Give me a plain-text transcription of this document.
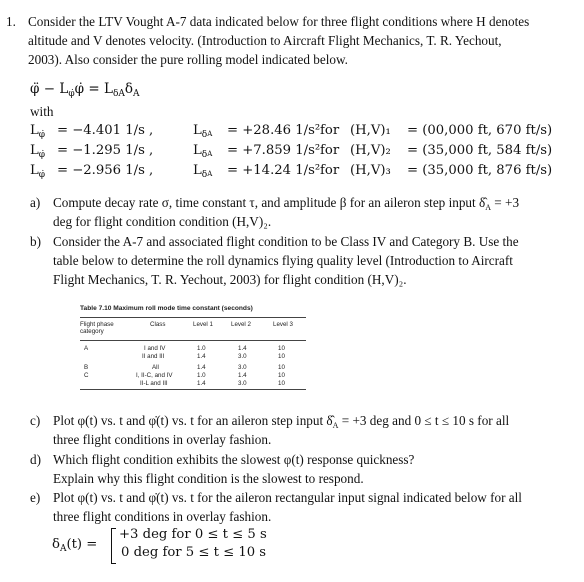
1. Consider the LTV Vought A-7 data indicated below for three flight conditions where H denotes
altitude and V denotes velocity. (Introduction to Aircraft Flight Mechanics, T. R. Yechout,
2003). Also consider the pure rolling model indicated below.
φ̈ − $L_{\varphi̇}\varphi̇ = L_{\delta A}\delta_A$
with
$L_{\varphi̇} = -4.401$ 1/s ,	$L_\delta A = +28.46$ 1/s² for (H,V)₁ = (00,000 ft, 670 ft/s)
$L_{\varphi̇} = -1.295$ 1/s ,	$L_\delta A = +7.859$ 1/s² for (H,V)₂ = (35,000 ft, 584 ft/s)
$L_{\varphi̇} = -2.956$ 1/s ,	$L_\delta A = +14.24$ 1/s² for (H,V)₃ = (35,000 ft, 876 ft/s)
a) Compute decay rate σ, time constant τ, and amplitude β for an aileron step input $\deltâ_A = +3$
deg for flight condition condition (H,V)₂.
b) Consider the A-7 and associated flight condition to be Class IV and Category B. Use the
table below to determine the roll dynamics flying quality level (Introduction to Aircraft
Flight Mechanics, T. R. Yechout, 2003) for flight condition (H,V)₂.
Table 7.10 Maximum roll mode time constant (seconds)
Flight phase
category
Class	Level 1	Level 2	Level 3
A	I and IV	1.0	1.4	10
II and III	1.4	3.0	10
B	All	1.4	3.0	10
C	I, II-C, and IV	1.0	1.4	10
II-L and III	1.4	3.0	10
c) Plot φ(t) vs. t and φ̇(t) vs. t for an aileron step input $\deltâ_A = +3$ deg and 0 ≤ t ≤ 10 s for all
three flight conditions in overlay fashion.
d) Which flight condition exhibits the slowest φ(t) response quickness?
Explain why this flight condition is the slowest to respond.
e) Plot φ(t) vs. t and φ̇(t) vs. t for the aileron rectangular input signal indicated below for all
three flight conditions in overlay fashion.
$\delta_A(t)$ =
+3 deg for 0 ≤ t ≤ 5 s
0 deg for 5 ≤ t ≤ 10 s
